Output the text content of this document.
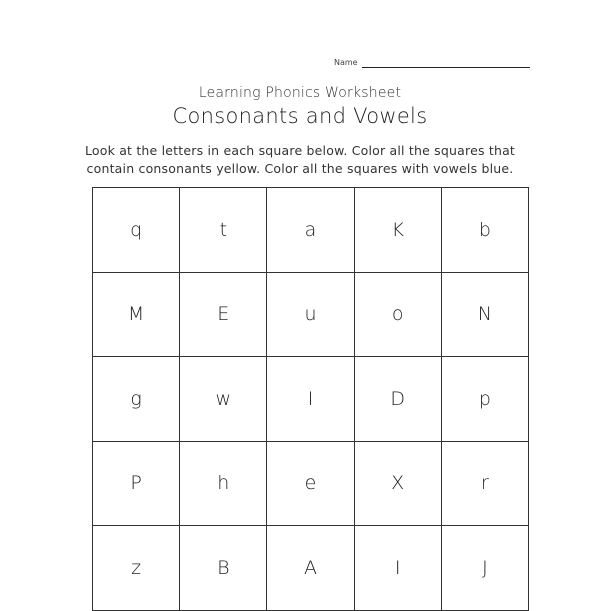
Name
Learning Phonics Worksheet
Consonants and Vowels
Look at the letters in each square below. Color all the squares that
contain consonants yellow. Color all the squares with vowels blue.
q	t	a	K	b
M	E	u	o	N
g	w	I	D	p
P	h	e	X	r
z	B	A	I	J
